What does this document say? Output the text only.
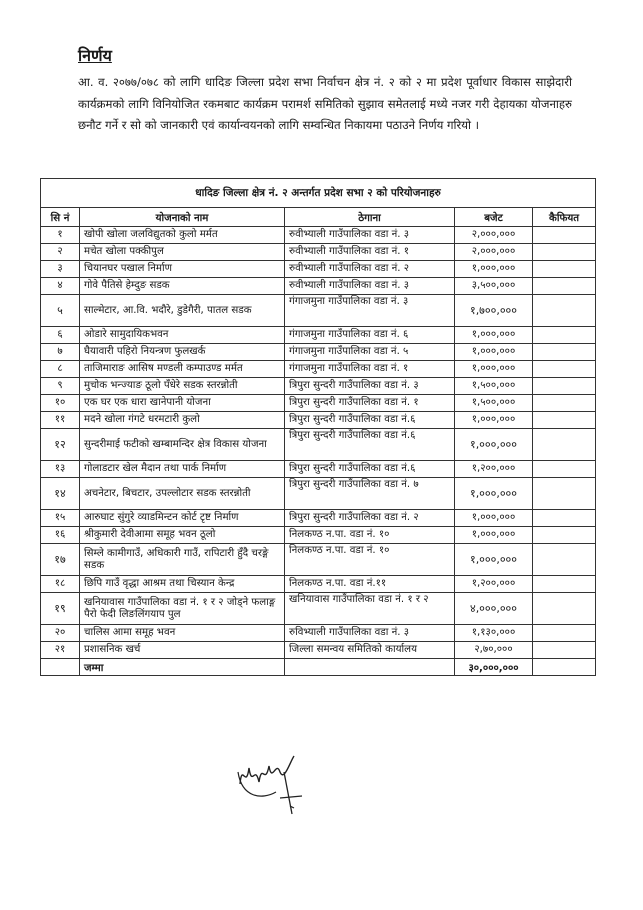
निर्णय
आ. व. २०७७/०७८ को लागि धादिङ जिल्ला प्रदेश सभा निर्वाचन क्षेत्र नं. २ को २ मा प्रदेश पूर्वाधार विकास साझेदारी कार्यक्रमको लागि विनियोजित रकमबाट कार्यक्रम परामर्श समितिको सुझाव समेतलाई मध्ये नजर गरी देहायका योजनाहरु छनौट गर्ने र सो को जानकारी एवं कार्यान्वयनको लागि सम्वन्धित निकायमा पठाउने निर्णय गरियो ।
धादिङ जिल्ला क्षेत्र नं. २ अन्तर्गत प्रदेश सभा २ को परियोजनाहरु				
सि नं	योजनाको नाम	ठेगाना	बजेट	कैफियत
१	खोपी खोला जलविद्युतको कुलो मर्मत	रुवीभ्याली गाउँपालिका वडा नं. ३	२,०००,०००	
२	मचेत खोला पक्कीपुल	रुवीभ्याली गाउँपालिका वडा नं. १	२,०००,०००	
३	चियानघर पखाल निर्माण	रुवीभ्याली गाउँपालिका वडा नं. २	१,०००,०००	
४	गोवे पैतिसे हेम्दुङ सडक	रुवीभ्याली गाउँपालिका वडा नं. ३	३,५००,०००	
५	साल्मेटार, आ.वि. भदौरे, डुडेगैरी, पातल सडक	गंगाजमुना गाउँपालिका वडा नं. ३	१,७००,०००	
६	ओडारे सामुदायिकभवन	गंगाजमुना गाउँपालिका वडा नं. ६	१,०००,०००	
७	घैयावारी पहिरो नियन्त्रण फुलखर्क	गंगाजमुना गाउँपालिका वडा नं. ५	१,०००,०००	
८	ताजिमाराङ आसिष मण्डली कम्पाउण्ड मर्मत	गंगाजमुना गाउँपालिका वडा नं. १	१,०००,०००	
९	मुचोक भन्ज्याङ ठूलो पँधेरे सडक स्तरन्नोती	त्रिपुरा सुन्दरी गाउँपालिका वडा नं. ३	१,५००,०००	
१०	एक घर एक धारा खानेपानी योजना	त्रिपुरा सुन्दरी गाउँपालिका वडा नं. १	१,५००,०००	
११	मदने खोला गंगटे धरमटारी कुलो	त्रिपुरा सुन्दरी गाउँपालिका वडा नं.६	१,०००,०००	
१२	सुन्दरीमाई फटीको खम्बामन्दिर क्षेत्र विकास योजना	त्रिपुरा सुन्दरी गाउँपालिका वडा नं.६	१,०००,०००	
१३	गोलाडटार खेल मैदान तथा पार्क निर्माण	त्रिपुरा सुन्दरी गाउँपालिका वडा नं.६	१,२००,०००	
१४	अचनेटार, बिचटार, उपल्लोटार सडक स्तरन्नोती	त्रिपुरा सुन्दरी गाउँपालिका वडा नं. ७	१,०००,०००	
१५	आरुघाट सुंगुरे व्याडमिन्टन कोर्ट टृष्ट निर्माण	त्रिपुरा सुन्दरी गाउँपालिका वडा नं. २	१,०००,०००	
१६	श्रीकुमारी देवीआमा समूह भवन ठूलो	निलकण्ठ न.पा. वडा नं. १०	१,०००,०००	
१७	सिम्ले कामीगाउँ, अधिकारी गाउँ, रापिटारी हुँदै चरङ्गे सडक	निलकण्ठ न.पा. वडा नं. १०	१,०००,०००	
१८	छिपि गाउँ वृद्धा आश्रम तथा चिस्यान केन्द्र	निलकण्ठ न.पा. वडा नं.११	१,२००,०००	
१९	खनियावास गाउँपालिका वडा नं. १ र २ जोड्ने फलाङ्ग पैरो फेदी लिङलिंगयाप पुल	खनियावास गाउँपालिका वडा नं. १ र २	४,०००,०००	
२०	चालिस आमा समूह भवन	रुविभ्याली गाउँपालिका वडा नं. ३	१,१३०,०००	
२१	प्रशासनिक खर्च	जिल्ला समन्वय समितिको कार्यालय	२,७०,०००	
	जम्मा		३०,०००,०००	
